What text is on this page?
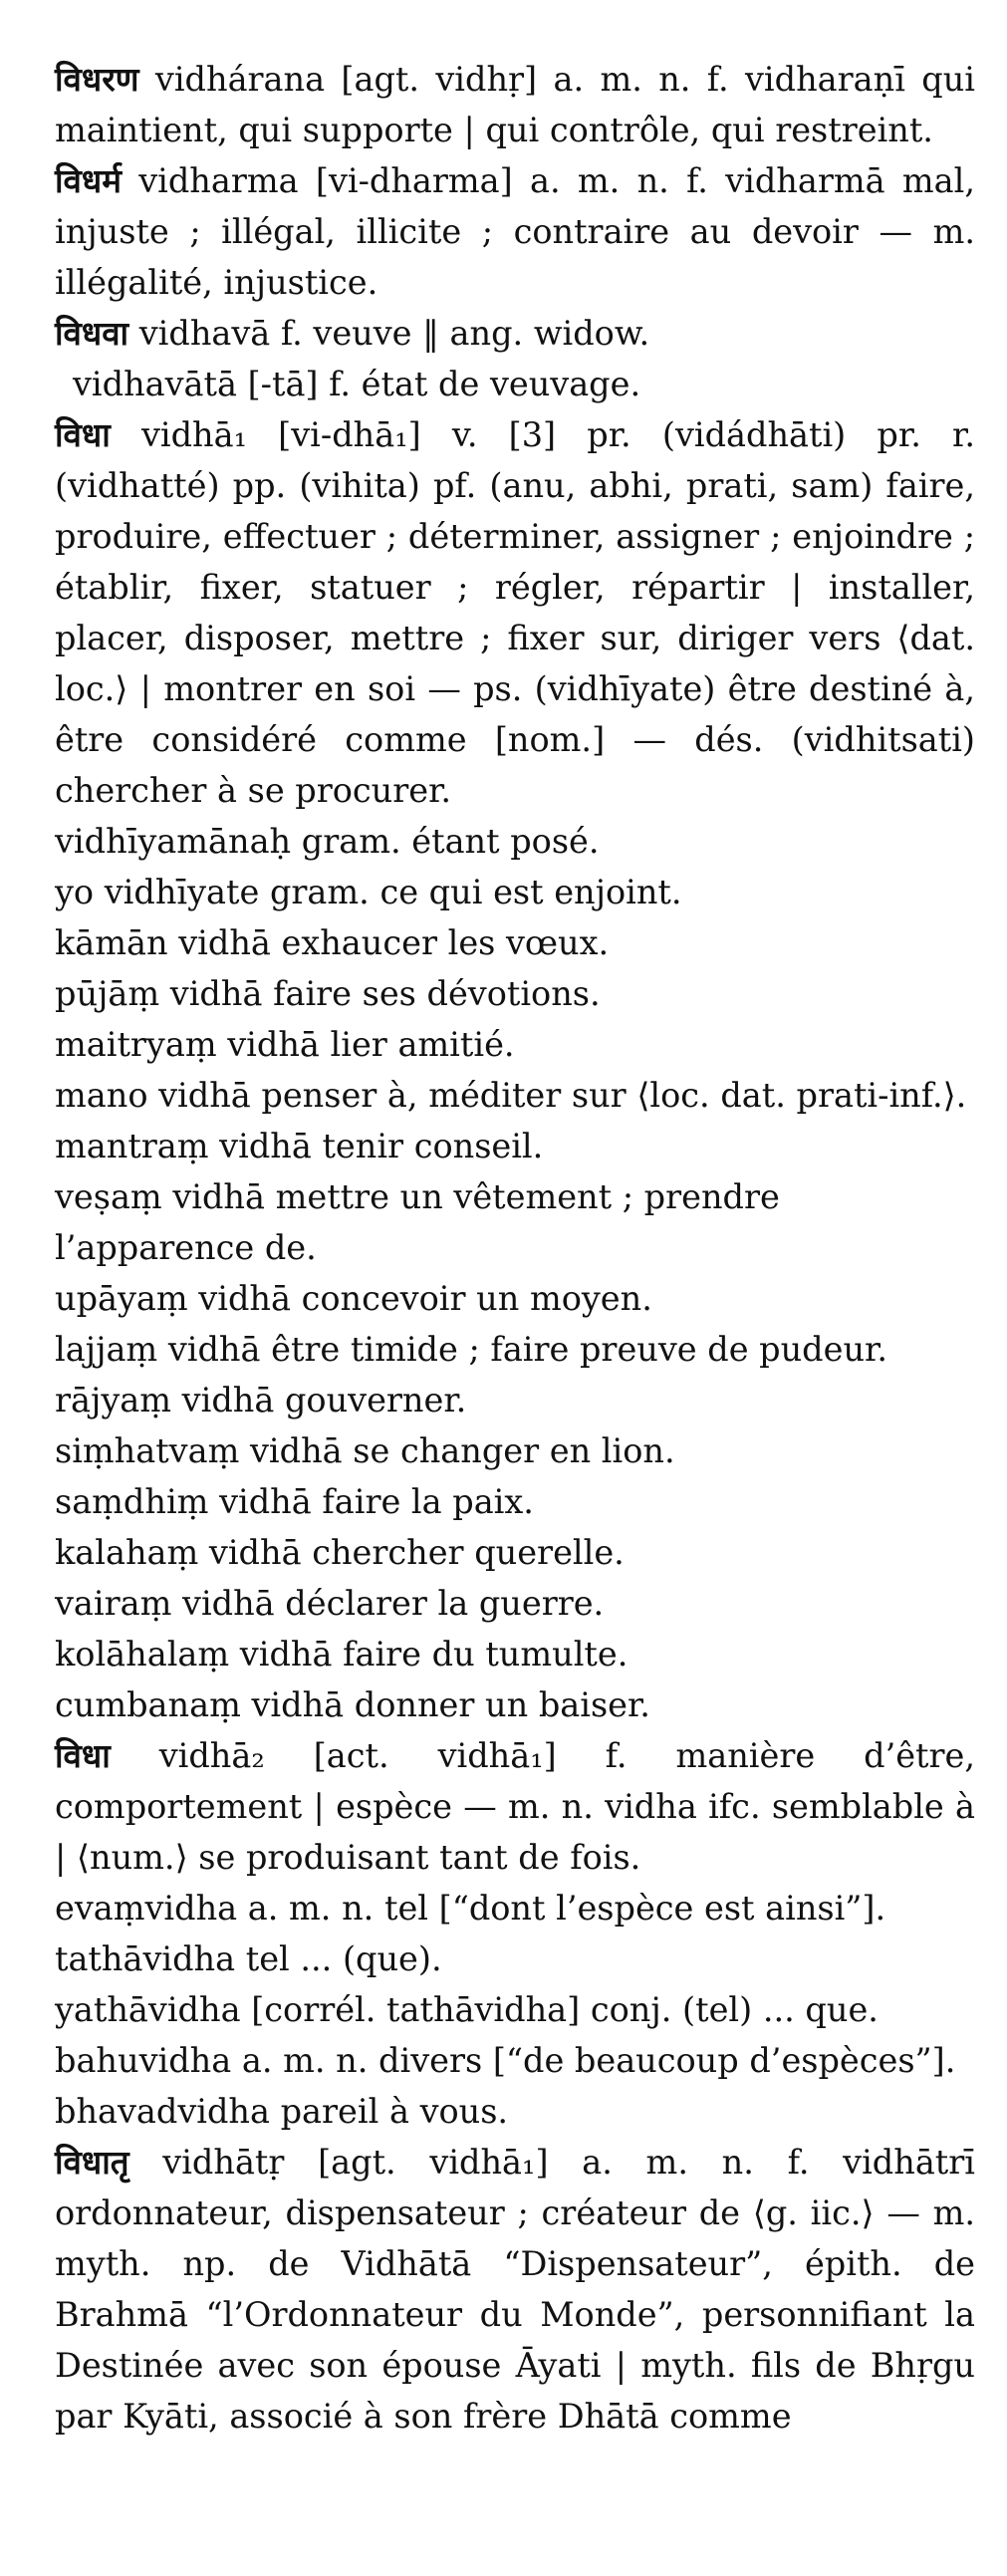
विधरण vidhárana [agt. vidhṛ] a. m. n. f. vidharaṇī qui maintient, qui supporte | qui contrôle, qui restreint.

विधर्म vidharma [vi-dharma] a. m. n. f. vidharmā mal, injuste ; illégal, illicite ; contraire au devoir — m. illégalité, injustice.

विधवा vidhavā f. veuve ‖ ang. widow.

vidhavātā [-tā] f. état de veuvage.

विधा vidhā₁ [vi-dhā₁] v. [3] pr. (vidádhāti) pr. r. (vidhatté) pp. (vihita) pf. (anu, abhi, prati, sam) faire, produire, effectuer ; déterminer, assigner ; enjoindre ; établir, fixer, statuer ; régler, répartir | installer, placer, disposer, mettre ; fixer sur, diriger vers ⟨dat. loc.⟩ | montrer en soi — ps. (vidhīyate) être destiné à, être considéré comme [nom.] — dés. (vidhitsati) chercher à se procurer.

vidhīyamānaḥ gram. étant posé.

yo vidhīyate gram. ce qui est enjoint.

kāmān vidhā exhaucer les vœux.

pūjāṃ vidhā faire ses dévotions.

maitryaṃ vidhā lier amitié.

mano vidhā penser à, méditer sur ⟨loc. dat. prati-inf.⟩.

mantraṃ vidhā tenir conseil.

veṣaṃ vidhā mettre un vêtement ; prendre l’apparence de.

upāyaṃ vidhā concevoir un moyen.

lajjaṃ vidhā être timide ; faire preuve de pudeur.

rājyaṃ vidhā gouverner.

siṃhatvaṃ vidhā se changer en lion.

saṃdhiṃ vidhā faire la paix.

kalahaṃ vidhā chercher querelle.

vairaṃ vidhā déclarer la guerre.

kolāhalaṃ vidhā faire du tumulte.

cumbanaṃ vidhā donner un baiser.

विधा vidhā₂ [act. vidhā₁] f. manière d’être, comportement | espèce — m. n. vidha ifc. semblable à | ⟨num.⟩ se produisant tant de fois.

evaṃvidha a. m. n. tel [“dont l’espèce est ainsi”].

tathāvidha tel ... (que).

yathāvidha [corrél. tathāvidha] conj. (tel) ... que.

bahuvidha a. m. n. divers [“de beaucoup d’espèces”].

bhavadvidha pareil à vous.

विधातृ vidhātṛ [agt. vidhā₁] a. m. n. f. vidhātrī ordonnateur, dispensateur ; créateur de ⟨g. iic.⟩ — m. myth. np. de Vidhātā “Dispensateur”, épith. de Brahmā “l’Ordonnateur du Monde”, personnifiant la Destinée avec son épouse Āyati | myth. fils de Bhṛgu par Kyāti, associé à son frère Dhātā comme
